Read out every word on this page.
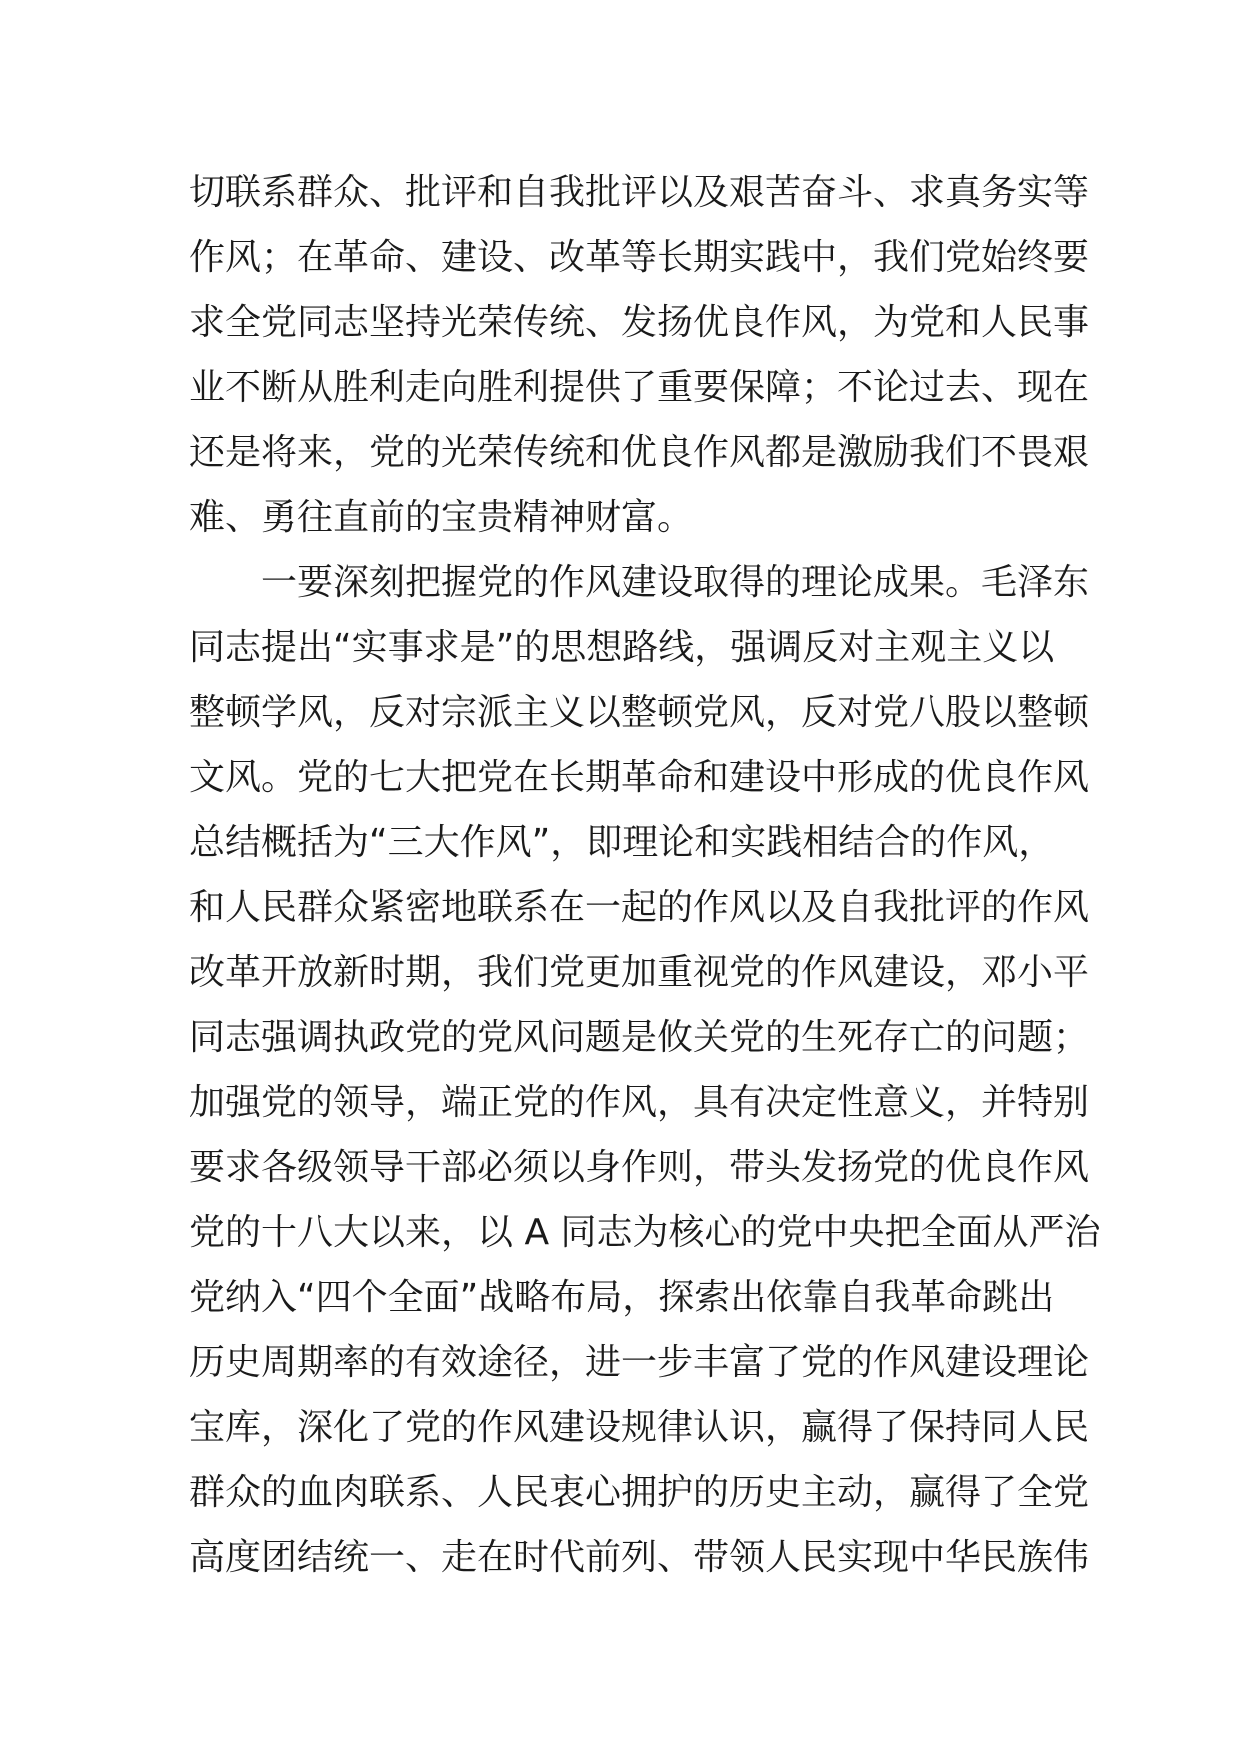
切联系群众、批评和自我批评以及艰苦奋斗、求真务实等
作风；在革命、建设、改革等长期实践中，我们党始终要
求全党同志坚持光荣传统、发扬优良作风，为党和人民事
业不断从胜利走向胜利提供了重要保障；不论过去、现在
还是将来，党的光荣传统和优良作风都是激励我们不畏艰
难、勇往直前的宝贵精神财富。
一要深刻把握党的作风建设取得的理论成果。毛泽东
同志提出“实事求是”的思想路线，强调反对主观主义以
整顿学风，反对宗派主义以整顿党风，反对党八股以整顿
文风。党的七大把党在长期革命和建设中形成的优良作风
总结概括为“三大作风”，即理论和实践相结合的作风，
和人民群众紧密地联系在一起的作风以及自我批评的作风
改革开放新时期，我们党更加重视党的作风建设，邓小平
同志强调执政党的党风问题是攸关党的生死存亡的问题；
加强党的领导，端正党的作风，具有决定性意义，并特别
要求各级领导干部必须以身作则，带头发扬党的优良作风
党的十八大以来，以 A 同志为核心的党中央把全面从严治
党纳入“四个全面”战略布局，探索出依靠自我革命跳出
历史周期率的有效途径，进一步丰富了党的作风建设理论
宝库，深化了党的作风建设规律认识，赢得了保持同人民
群众的血肉联系、人民衷心拥护的历史主动，赢得了全党
高度团结统一、走在时代前列、带领人民实现中华民族伟
